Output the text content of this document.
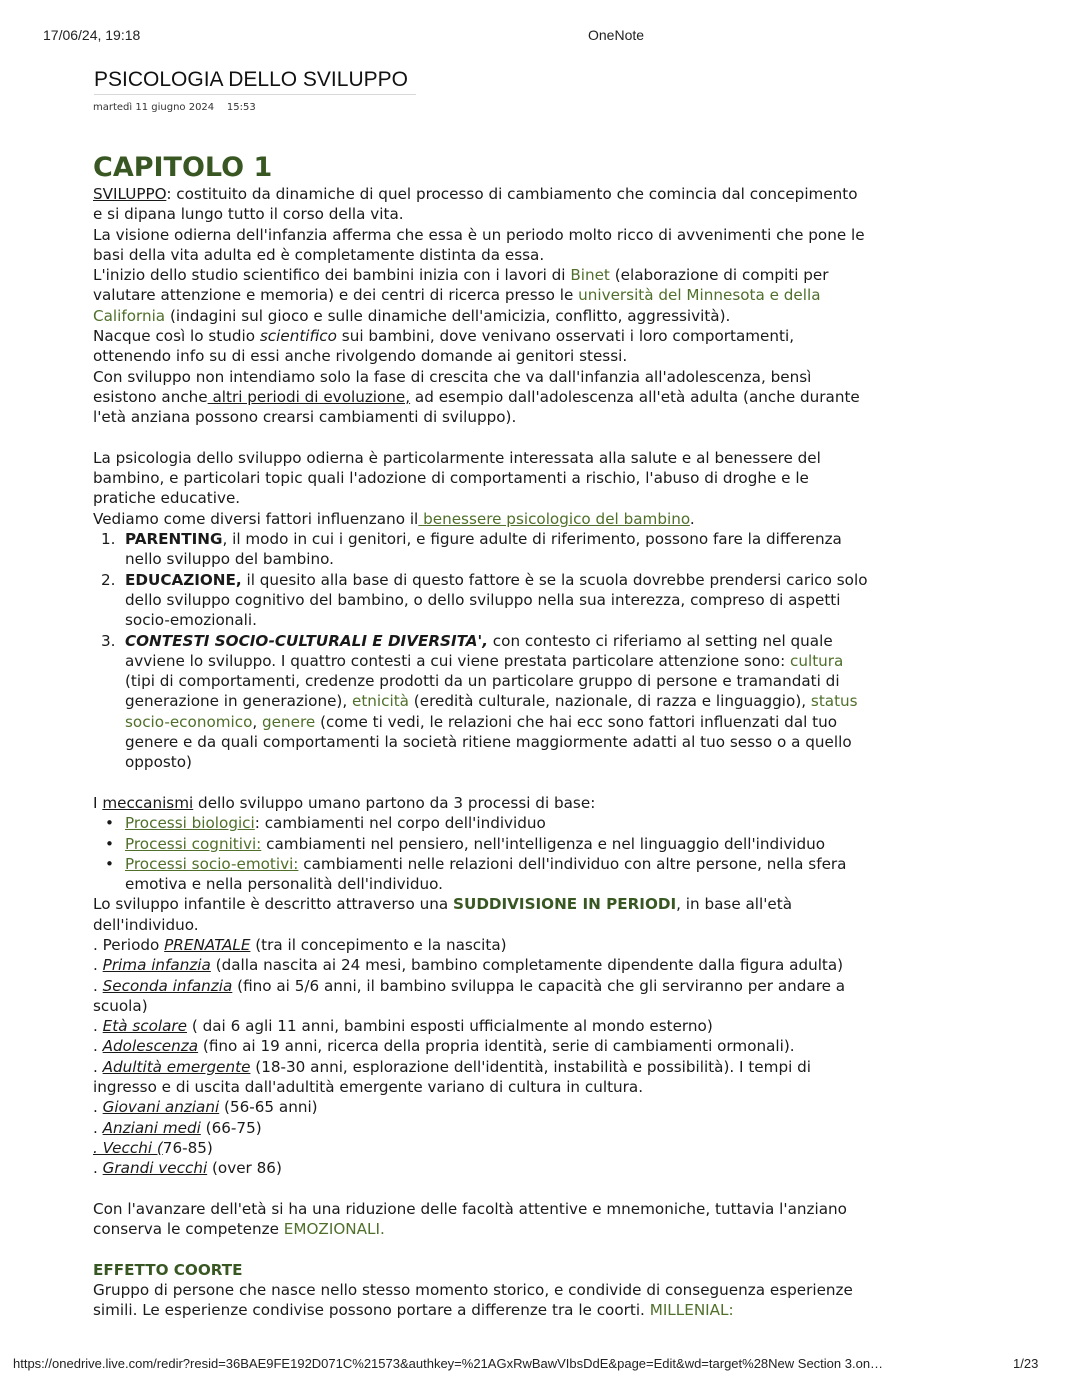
17/06/24, 19:18	OneNote
PSICOLOGIA DELLO SVILUPPO
martedì 11 giugno 2024 15:53
CAPITOLO 1

SVILUPPO: costituito da dinamiche di quel processo di cambiamento che comincia dal concepimento e si dipana lungo tutto il corso della vita.

La visione odierna dell'infanzia afferma che essa è un periodo molto ricco di avvenimenti che pone le basi della vita adulta ed è completamente distinta da essa.

L'inizio dello studio scientifico dei bambini inizia con i lavori di Binet (elaborazione di compiti per valutare attenzione e memoria) e dei centri di ricerca presso le università del Minnesota e della California (indagini sul gioco e sulle dinamiche dell'amicizia, conflitto, aggressività).

Nacque così lo studio scientifico sui bambini, dove venivano osservati i loro comportamenti, ottenendo info su di essi anche rivolgendo domande ai genitori stessi.

Con sviluppo non intendiamo solo la fase di crescita che va dall'infanzia all'adolescenza, bensì esistono anche altri periodi di evoluzione, ad esempio dall'adolescenza all'età adulta (anche durante l'età anziana possono crearsi cambiamenti di sviluppo).

La psicologia dello sviluppo odierna è particolarmente interessata alla salute e al benessere del bambino, e particolari topic quali l'adozione di comportamenti a rischio, l'abuso di droghe e le pratiche educative.

Vediamo come diversi fattori influenzano il benessere psicologico del bambino.

1. PARENTING, il modo in cui i genitori, e figure adulte di riferimento, possono fare la differenza nello sviluppo del bambino.
2. EDUCAZIONE, il quesito alla base di questo fattore è se la scuola dovrebbe prendersi carico solo dello sviluppo cognitivo del bambino, o dello sviluppo nella sua interezza, compreso di aspetti socio-emozionali.
3. CONTESTI SOCIO-CULTURALI E DIVERSITA', con contesto ci riferiamo al setting nel quale avviene lo sviluppo. I quattro contesti a cui viene prestata particolare attenzione sono: cultura (tipi di comportamenti, credenze prodotti da un particolare gruppo di persone e tramandati di generazione in generazione), etnicità (eredità culturale, nazionale, di razza e linguaggio), status socio-economico, genere (come ti vedi, le relazioni che hai ecc sono fattori influenzati dal tuo genere e da quali comportamenti la società ritiene maggiormente adatti al tuo sesso o a quello opposto)

I meccanismi dello sviluppo umano partono da 3 processi di base:

• Processi biologici: cambiamenti nel corpo dell'individuo
• Processi cognitivi: cambiamenti nel pensiero, nell'intelligenza e nel linguaggio dell'individuo
• Processi socio-emotivi: cambiamenti nelle relazioni dell'individuo con altre persone, nella sfera emotiva e nella personalità dell'individuo.

Lo sviluppo infantile è descritto attraverso una SUDDIVISIONE IN PERIODI, in base all'età dell'individuo.

. Periodo PRENATALE (tra il concepimento e la nascita)

. Prima infanzia (dalla nascita ai 24 mesi, bambino completamente dipendente dalla figura adulta)

. Seconda infanzia (fino ai 5/6 anni, il bambino sviluppa le capacità che gli serviranno per andare a scuola)

. Età scolare ( dai 6 agli 11 anni, bambini esposti ufficialmente al mondo esterno)

. Adolescenza (fino ai 19 anni, ricerca della propria identità, serie di cambiamenti ormonali).

. Adultità emergente (18-30 anni, esplorazione dell'identità, instabilità e possibilità). I tempi di ingresso e di uscita dall'adultità emergente variano di cultura in cultura.

. Giovani anziani (56-65 anni)

. Anziani medi (66-75)

. Vecchi (76-85)

. Grandi vecchi (over 86)

Con l'avanzare dell'età si ha una riduzione delle facoltà attentive e mnemoniche, tuttavia l'anziano conserva le competenze EMOZIONALI.

EFFETTO COORTE

Gruppo di persone che nasce nello stesso momento storico, e condivide di conseguenza esperienze simili. Le esperienze condivise possono portare a differenze tra le coorti. MILLENIAL:

https://onedrive.live.com/redir?resid=36BAE9FE192D071C%21573&authkey=%21AGxRwBawVIbsDdE&page=Edit&wd=target%28New Section 3.on…	1/23
